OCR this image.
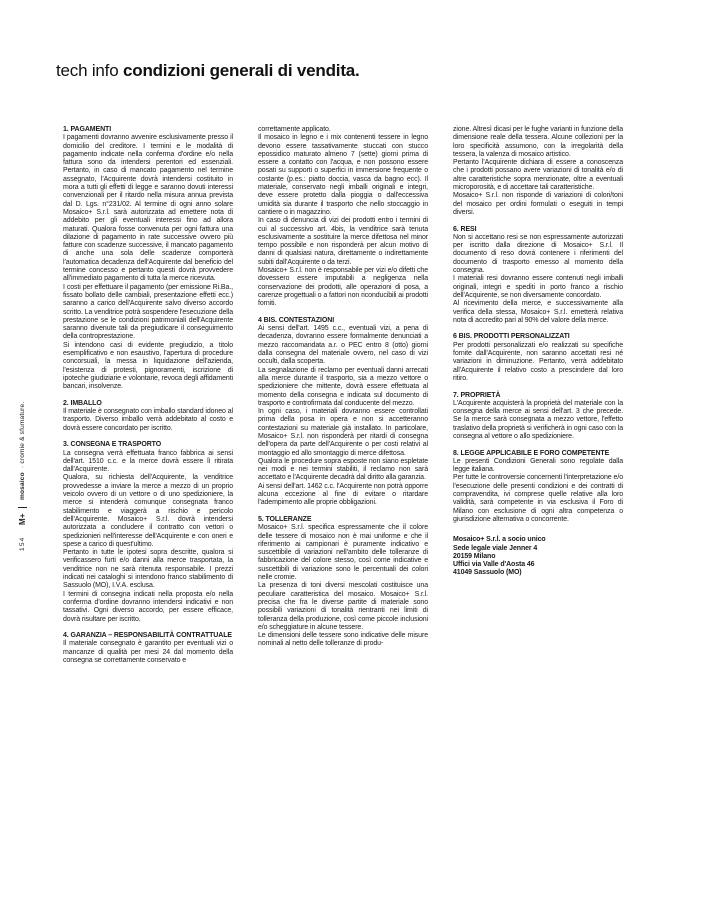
tech info condizioni generali di vendita.
154 M+ mosaico · cromie & sfumature.
1. PAGAMENTI

I pagamenti dovranno avvenire esclusivamente presso il domicilio del creditore. I termini e le modalità di pagamento indicate nella conferma d'ordine e/o nella fattura sono da intendersi perentori ed essenziali. Pertanto, in caso di mancato pagamento nel termine assegnato, l'Acquirente dovrà intendersi costituito in mora a tutti gli effetti di legge e saranno dovuti interessi convenzionali per il ritardo nella misura annua prevista dal D. Lgs. n°231/02. Al termine di ogni anno solare Mosaico+ S.r.l. sarà autorizzata ad emettere nota di addebito per gli eventuali interessi fino ad allora maturati. Qualora fosse convenuta per ogni fattura una dilazione di pagamento in rate successive ovvero più fatture con scadenze successive, il mancato pagamento di anche una sola delle scadenze comporterà l'automatica decadenza dell'Acquirente dal beneficio del termine concesso e pertanto questi dovrà provvedere all'immediato pagamento di tutta la merce ricevuta.

I costi per effettuare il pagamento (per emissione Ri.Ba., fissato bollato delle cambiali, presentazione effetti ecc.) saranno a carico dell'Acquirente salvo diverso accordo scritto. La venditrice potrà sospendere l'esecuzione della prestazione se le condizioni patrimoniali dell'Acquirente saranno divenute tali da pregiudicare il conseguimento della controprestazione.

Si intendono casi di evidente pregiudizio, a titolo esemplificativo e non esaustivo, l'apertura di procedure concorsuali, la messa in liquidazione dell'azienda, l'esistenza di protesti, pignoramenti, iscrizione di ipoteche giudiziarie e volontarie, revoca degli affidamenti bancari, insolvenze.

2. IMBALLO

Il materiale è consegnato con imballo standard idoneo al trasporto. Diverso imballo verrà addebitato al costo e dovrà essere concordato per iscritto.

3. CONSEGNA E TRASPORTO

La consegna verrà effettuata franco fabbrica ai sensi dell'art. 1510 c.c. e la merce dovrà essere lì ritirata dall'Acquirente.

Qualora, su richiesta dell'Acquirente, la venditrice provvedesse a inviare la merce a mezzo di un proprio veicolo ovvero di un vettore o di uno spedizioniere, la merce si intenderà comunque consegnata franco stabilimento e viaggerà a rischio e pericolo dell'Acquirente. Mosaico+ S.r.l. dovrà intendersi autorizzata a concludere il contratto con vettori o spedizionieri nell'interesse dell'Acquirente e con oneri e spese a carico di quest'ultimo.

Pertanto in tutte le ipotesi sopra descritte, qualora si verificassero furti e/o danni alla merce trasportata, la venditrice non ne sarà ritenuta responsabile. I prezzi indicati nei cataloghi si intendono franco stabilimento di Sassuolo (MO), I.V.A. esclusa.

I termini di consegna indicati nella proposta e/o nella conferma d'ordine dovranno intendersi indicativi e non tassativi. Ogni diverso accordo, per essere efficace, dovrà risultare per iscritto.

4. GARANZIA – RESPONSABILITÀ CONTRATTUALE

Il materiale consegnato è garantito per eventuali vizi o mancanze di qualità per mesi 24 dal momento della consegna se correttamente conservato e

correttamente applicato.

Il mosaico in legno e i mix contenenti tessere in legno devono essere tassativamente stuccati con stucco epossidico maturato almeno 7 (sette) giorni prima di essere a contatto con l'acqua, e non possono essere posati su supporti o superfici in immersione frequente o costante (p.es.: piatto doccia, vasca da bagno ecc). Il materiale, conservato negli imballi originali e integri, deve essere protetto dalla pioggia o dall'eccessiva umidità sia durante il trasporto che nello stoccaggio in cantiere o in magazzino.

In caso di denuncia di vizi dei prodotti entro i termini di cui al successivo art. 4bis, la venditrice sarà tenuta esclusivamente a sostituire la merce difettosa nel minor tempo possibile e non risponderà per alcun motivo di danni di qualsiasi natura, direttamente o indirettamente subiti dall'Acquirente o da terzi.

Mosaico+ S.r.l. non è responsabile per vizi e/o difetti che dovessero essere imputabili a negligenza nella conservazione dei prodotti, alle operazioni di posa, a carenze progettuali o a fattori non riconducibili ai prodotti forniti.

4 BIS. CONTESTAZIONI

Ai sensi dell'art. 1495 c.c., eventuali vizi, a pena di decadenza, dovranno essere formalmente denunciati a mezzo raccomandata a.r. o PEC entro 8 (otto) giorni dalla consegna del materiale ovvero, nel caso di vizi occulti, dalla scoperta.

La segnalazione di reclamo per eventuali danni arrecati alla merce durante il trasporto, sia a mezzo vettore o spedizioniere che mittente, dovrà essere effettuata al momento della consegna e indicata sul documento di trasporto e controfirmata dal conducente del mezzo.

In ogni caso, i materiali dovranno essere controllati prima della posa in opera e non si accetteranno contestazioni su materiale già installato. In particolare, Mosaico+ S.r.l. non risponderà per ritardi di consegna dell'opera da parte dell'Acquirente o per costi relativi al montaggio ed allo smontaggio di merce difettosa.

Qualora le procedure sopra esposte non siano espletate nei modi e nei termini stabiliti, il reclamo non sarà accettato e l'Acquirente decadrà dal diritto alla garanzia.

Ai sensi dell'art. 1462 c.c. l'Acquirente non potrà opporre alcuna eccezione al fine di evitare o ritardare l'adempimento alle proprie obbligazioni.

5. TOLLERANZE

Mosaico+ S.r.l. specifica espressamente che il colore delle tessere di mosaico non è mai uniforme e che il riferimento ai campionari è puramente indicativo e suscettibile di variazioni nell'ambito delle tolleranze di fabbricazione del colore stesso, così come indicative e suscettibili di variazione sono le percentuali dei colori nelle cromie.

La presenza di toni diversi mescolati costituisce una peculiare caratteristica del mosaico. Mosaico+ S.r.l. precisa che fra le diverse partite di materiale sono possibili variazioni di tonalità rientranti nei limiti di tolleranza della produzione, così come piccole inclusioni e/o scheggiature in alcune tessere.

Le dimensioni delle tessere sono indicative delle misure nominali al netto delle tolleranze di produ-

zione. Altresì dicasi per le fughe varianti in funzione della dimensione reale della tessera. Alcune collezioni per la loro specificità assumono, con la irregolarità della tessera, la valenza di mosaico artistico.

Pertanto l'Acquirente dichiara di essere a conoscenza che i prodotti possano avere variazioni di tonalità e/o di altre caratteristiche sopra menzionate, oltre a eventuali microporosità, e di accettare tali caratteristiche.

Mosaico+ S.r.l. non risponde di variazioni di colori/toni del mosaico per ordini formulati o eseguiti in tempi diversi.

6. RESI

Non si accettano resi se non espressamente autorizzati per iscritto dalla direzione di Mosaico+ S.r.l. Il documento di reso dovrà contenere i riferimenti del documento di trasporto emesso al momento della consegna.

I materiali resi dovranno essere contenuti negli imballi originali, integri e spediti in porto franco a rischio dell'Acquirente, se non diversamente concordato.

Al ricevimento della merce, e successivamente alla verifica della stessa, Mosaico+ S.r.l. emetterà relativa nota di accredito pari al 90% del valore della merce.

6 BIS. PRODOTTI PERSONALIZZATI

Per prodotti personalizzati e/o realizzati su specifiche fornite dall'Acquirente, non saranno accettati resi né variazioni in diminuzione. Pertanto, verrà addebitato all'Acquirente il relativo costo a prescindere dal loro ritiro.

7. PROPRIETÀ

L'Acquirente acquisterà la proprietà del materiale con la consegna della merce ai sensi dell'art. 3 che precede. Se la merce sarà consegnata a mezzo vettore, l'effetto traslativo della proprietà si verificherà in ogni caso con la consegna al vettore o allo spedizioniere.

8. LEGGE APPLICABILE E FORO COMPETENTE

Le presenti Condizioni Generali sono regolate dalla legge italiana.

Per tutte le controversie concernenti l'interpretazione e/o l'esecuzione delle presenti condizioni e dei contratti di compravendita, ivi comprese quelle relative alla loro validità, sarà competente in via esclusiva il Foro di Milano con esclusione di ogni altra competenza o giurisdizione alternativa o concorrente.

Mosaico+ S.r.l. a socio unico
Sede legale viale Jenner 4
20159 Milano
Uffici via Valle d'Aosta 46
41049 Sassuolo (MO)
